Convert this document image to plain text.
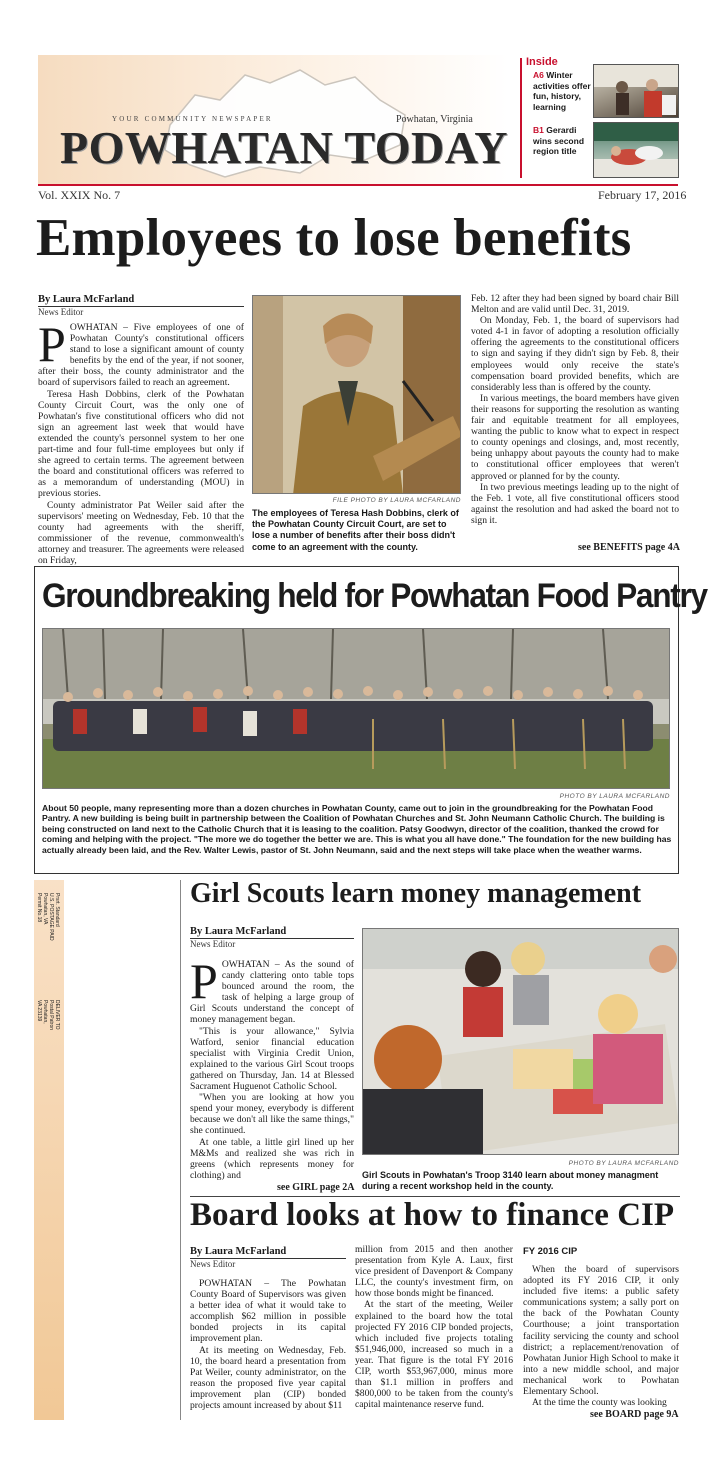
YOUR COMMUNITY NEWSPAPER	Powhatan, Virginia
POWHATAN TODAY
Inside
A6 Winter activities offer fun, history, learning
B1 Gerardi wins second region title
Vol. XXIX No. 7	February 17, 2016
Employees to lose benefits
By Laura McFarland
News Editor

POWHATAN – Five employees of one of Powhatan County's constitutional officers stand to lose a significant amount of county benefits by the end of the year, if not sooner, after their boss, the county administrator and the board of supervisors failed to reach an agreement.

Teresa Hash Dobbins, clerk of the Powhatan County Circuit Court, was the only one of Powhatan's five constitutional officers who did not sign an agreement last week that would have extended the county's personnel system to her one part-time and four full-time employees but only if she agreed to certain terms. The agreement between the board and constitutional officers was referred to as a memorandum of understanding (MOU) in previous stories.

County administrator Pat Weiler said after the supervisors' meeting on Wednesday, Feb. 10 that the county had agreements with the sheriff, commissioner of the revenue, commonwealth's attorney and treasurer. The agreements were released on Friday,

FILE PHOTO BY LAURA MCFARLAND
The employees of Teresa Hash Dobbins, clerk of the Powhatan County Circuit Court, are set to lose a number of benefits after their boss didn't come to an agreement with the county.

Feb. 12 after they had been signed by board chair Bill Melton and are valid until Dec. 31, 2019.

On Monday, Feb. 1, the board of supervisors had voted 4-1 in favor of adopting a resolution officially offering the agreements to the constitutional officers to sign and saying if they didn't sign by Feb. 8, their employees would only receive the state's compensation board provided benefits, which are considerably less than is offered by the county.

In various meetings, the board members have given their reasons for supporting the resolution as wanting fair and equitable treatment for all employees, wanting the public to know what to expect in respect to county openings and closings, and, most recently, being unhappy about payouts the county had to make to constitutional officer employees that weren't approved or planned for by the county.

In two previous meetings leading up to the night of the Feb. 1 vote, all five constitutional officers stood against the resolution and had asked the board not to sign it.

see BENEFITS page 4A
Groundbreaking held for Powhatan Food Pantry
PHOTO BY LAURA MCFARLAND
About 50 people, many representing more than a dozen churches in Powhatan County, came out to join in the groundbreaking for the Powhatan Food Pantry. A new building is being built in partnership between the Coalition of Powhatan Churches and St. John Neumann Catholic Church. The building is being constructed on land next to the Catholic Church that it is leasing to the coalition. Patsy Goodwyn, director of the coalition, thanked the crowd for coming and helping with the project. "The more we do together the better we are. This is what you all have done." The foundation for the new building has actually already been laid, and the Rev. Walter Lewis, pastor of St. John Neumann, said and the next steps will take place when the weather warms.
Prsrt. Standard
U.S. POSTAGE PAID
Powhatan, VA
Permit No.18
DELIVER TO
Postal Patron
Powhatan,
VA 23139
Girl Scouts learn money management
By Laura McFarland
News Editor

POWHATAN – As the sound of candy clattering onto table tops bounced around the room, the task of helping a large group of Girl Scouts understand the concept of money management began.

"This is your allowance," Sylvia Watford, senior financial education specialist with Virginia Credit Union, explained to the various Girl Scout troops gathered on Thursday, Jan. 14 at Blessed Sacrament Huguenot Catholic School.

"When you are looking at how you spend your money, everybody is different because we don't all like the same things," she continued.

At one table, a little girl lined up her M&Ms and realized she was rich in greens (which represents money for clothing) and

see GIRL page 2A
PHOTO BY LAURA MCFARLAND
Girl Scouts in Powhatan's Troop 3140 learn about money managment during a recent workshop held in the county.
Board looks at how to finance CIP
By Laura McFarland
News Editor

POWHATAN – The Powhatan County Board of Supervisors was given a better idea of what it would take to accomplish $62 million in possible bonded projects in its capital improvement plan.

At its meeting on Wednesday, Feb. 10, the board heard a presentation from Pat Weiler, county administrator, on the reason the proposed five year capital improvement plan (CIP) bonded projects amount increased by about $11

million from 2015 and then another presentation from Kyle A. Laux, first vice president of Davenport & Company LLC, the county's investment firm, on how those bonds might be financed.

At the start of the meeting, Weiler explained to the board how the total projected FY 2016 CIP bonded projects, which included five projects totaling $51,946,000, increased so much in a year. That figure is the total FY 2016 CIP, worth $53,967,000, minus more than $1.1 million in proffers and $800,000 to be taken from the county's capital maintenance reserve fund.

FY 2016 CIP

When the board of supervisors adopted its FY 2016 CIP, it only included five items: a public safety communications system; a sally port on the back of the Powhatan County Courthouse; a joint transportation facility servicing the county and school district; a replacement/renovation of Powhatan Junior High School to make it into a new middle school, and major mechanical work to Powhatan Elementary School.

At the time the county was looking

see BOARD page 9A
